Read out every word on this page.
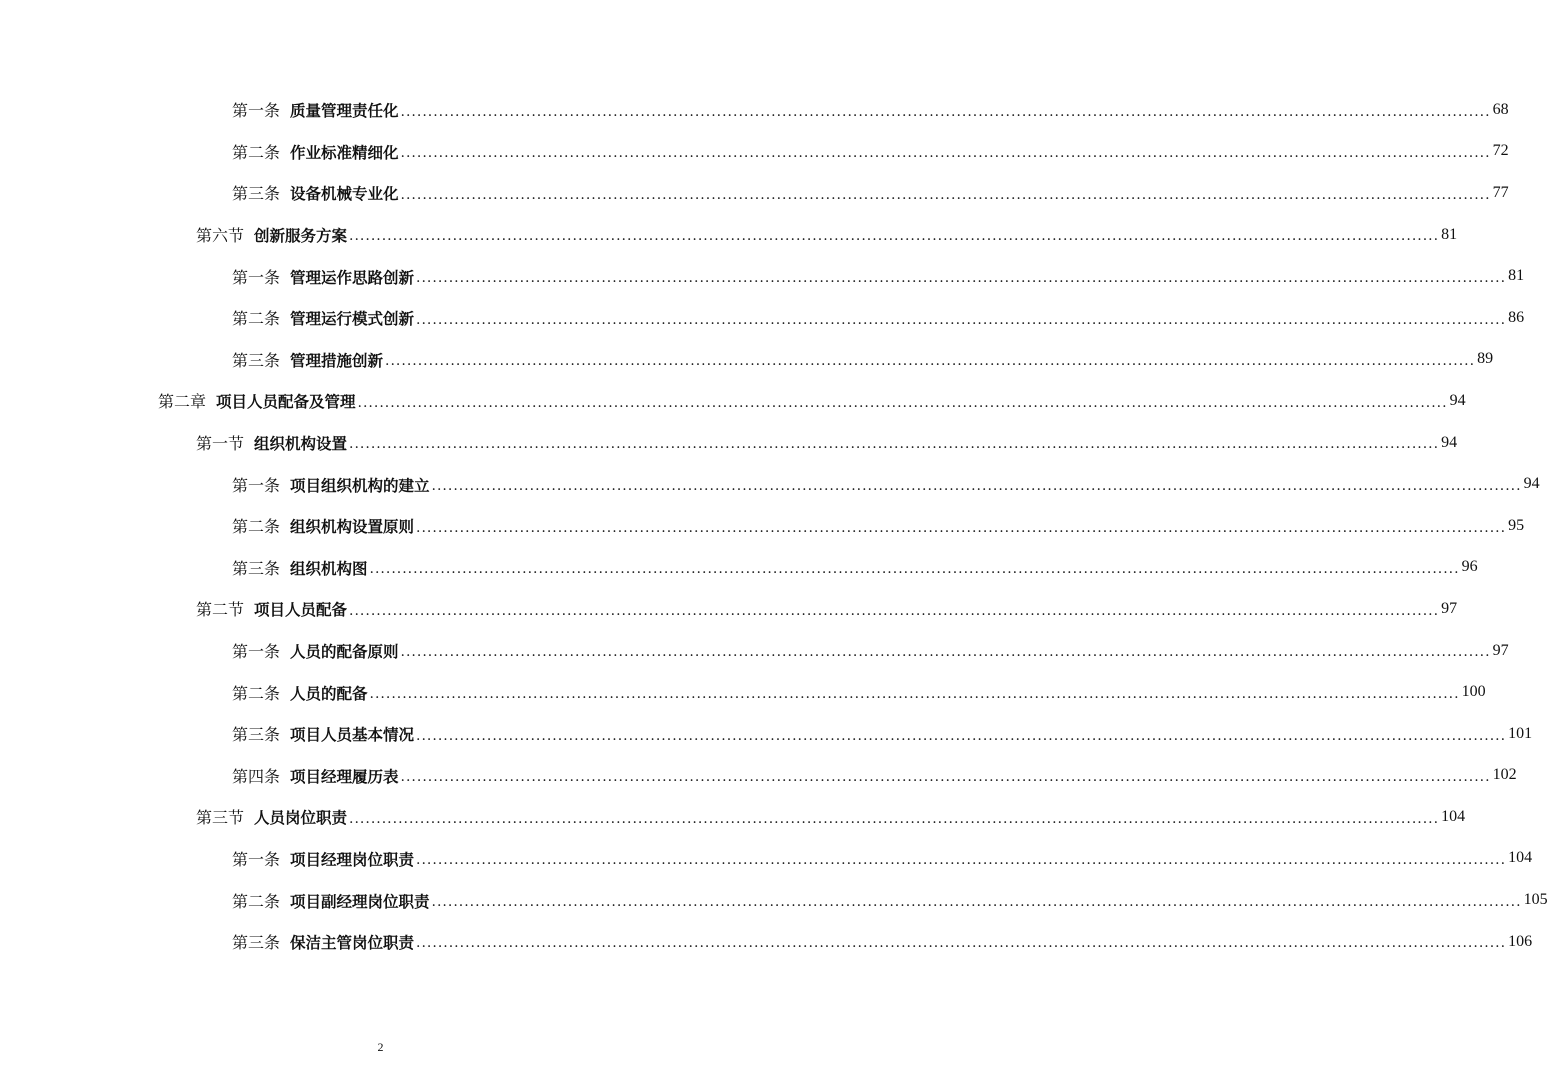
第一条 质量管理责任化 ........................................................................................................................................................................................................ 68
第二条 作业标准精细化 ........................................................................................................................................................................................................ 72
第三条 设备机械专业化 ........................................................................................................................................................................................................ 77
第六节 创新服务方案 ........................................................................................................................................................................................................ 81
第一条 管理运作思路创新 ........................................................................................................................................................................................................ 81
第二条 管理运行模式创新 ........................................................................................................................................................................................................ 86
第三条 管理措施创新 ........................................................................................................................................................................................................ 89
第二章 项目人员配备及管理 ........................................................................................................................................................................................................ 94
第一节 组织机构设置 ........................................................................................................................................................................................................ 94
第一条 项目组织机构的建立 ........................................................................................................................................................................................................ 94
第二条 组织机构设置原则 ........................................................................................................................................................................................................ 95
第三条 组织机构图 ........................................................................................................................................................................................................ 96
第二节 项目人员配备 ........................................................................................................................................................................................................ 97
第一条 人员的配备原则 ........................................................................................................................................................................................................ 97
第二条 人员的配备 ........................................................................................................................................................................................................ 100
第三条 项目人员基本情况 ........................................................................................................................................................................................................ 101
第四条 项目经理履历表 ........................................................................................................................................................................................................ 102
第三节 人员岗位职责 ........................................................................................................................................................................................................ 104
第一条 项目经理岗位职责 ........................................................................................................................................................................................................ 104
第二条 项目副经理岗位职责 ........................................................................................................................................................................................................ 105
第三条 保洁主管岗位职责 ........................................................................................................................................................................................................ 106
2
